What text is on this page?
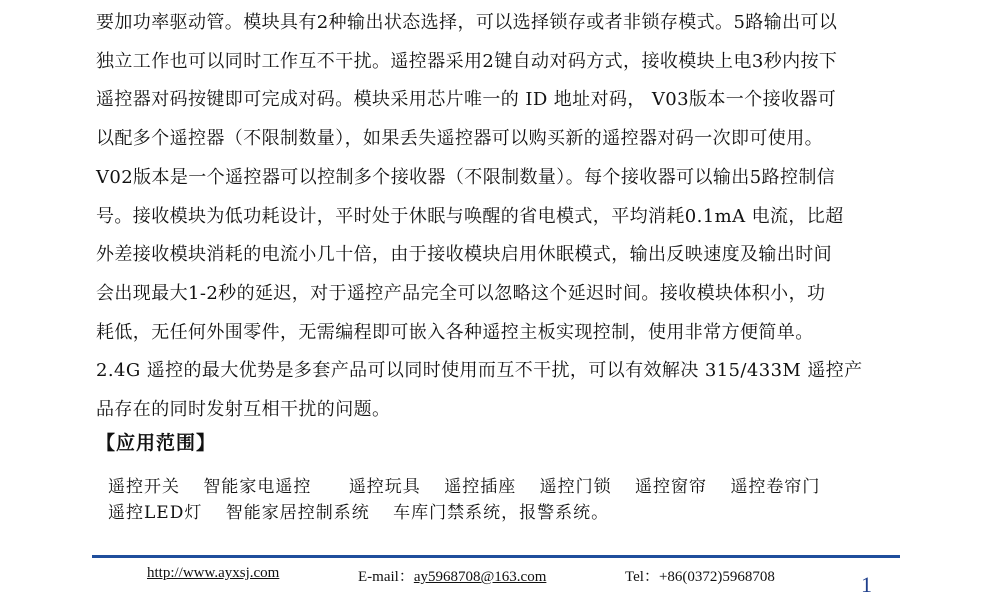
要加功率驱动管。模块具有2种输出状态选择，可以选择锁存或者非锁存模式。5路输出可以
独立工作也可以同时工作互不干扰。遥控器采用2键自动对码方式，接收模块上电3秒内按下
遥控器对码按键即可完成对码。模块采用芯片唯一的 ID 地址对码， V03版本一个接收器可
以配多个遥控器（不限制数量），如果丢失遥控器可以购买新的遥控器对码一次即可使用。
V02版本是一个遥控器可以控制多个接收器（不限制数量）。每个接收器可以输出5路控制信
号。接收模块为低功耗设计，平时处于休眠与唤醒的省电模式，平均消耗0.1mA 电流，比超
外差接收模块消耗的电流小几十倍，由于接收模块启用休眠模式，输出反映速度及输出时间
会出现最大1-2秒的延迟，对于遥控产品完全可以忽略这个延迟时间。接收模块体积小，功
耗低，无任何外围零件，无需编程即可嵌入各种遥控主板实现控制，使用非常方便简单。
2.4G 遥控的最大优势是多套产品可以同时使用而互不干扰，可以有效解决 315/433M 遥控产
品存在的同时发射互相干扰的问题。
【应用范围】
遥控开关 智能家电遥控 遥控玩具 遥控插座 遥控门锁 遥控窗帘 遥控卷帘门
遥控LED灯 智能家居控制系统 车库门禁系统，报警系统。
http://www.ayxsj.com	E-mail：ay5968708@163.com	Tel：+86(0372)5968708	1
